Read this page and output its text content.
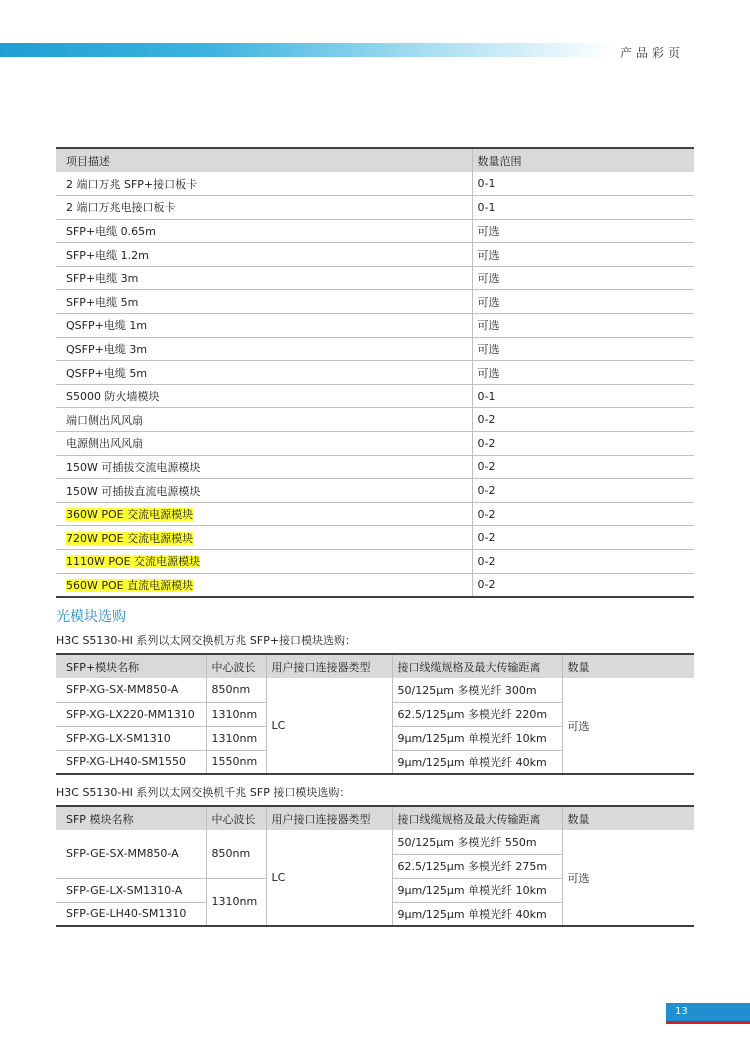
产品彩页
项目描述	数量范围
2 端口万兆 SFP+接口板卡	0-1
2 端口万兆电接口板卡	0-1
SFP+电缆 0.65m	可选
SFP+电缆 1.2m	可选
SFP+电缆 3m	可选
SFP+电缆 5m	可选
QSFP+电缆 1m	可选
QSFP+电缆 3m	可选
QSFP+电缆 5m	可选
S5000 防火墙模块	0-1
端口侧出风风扇	0-2
电源侧出风风扇	0-2
150W 可插拔交流电源模块	0-2
150W 可插拔直流电源模块	0-2
360W POE 交流电源模块	0-2
720W POE 交流电源模块	0-2
1110W POE 交流电源模块	0-2
560W POE 直流电源模块	0-2
光模块选购
H3C S5130-HI 系列以太网交换机万兆 SFP+接口模块选购：
SFP+模块名称	中心波长	用户接口连接器类型	接口线缆规格及最大传输距离	数量
SFP-XG-SX-MM850-A	850nm	LC	50/125μm 多模光纤 300m	可选
SFP-XG-LX220-MM1310	1310nm		62.5/125μm 多模光纤 220m	
SFP-XG-LX-SM1310	1310nm		9μm/125μm 单模光纤 10km	
SFP-XG-LH40-SM1550	1550nm		9μm/125μm 单模光纤 40km	
H3C S5130-HI 系列以太网交换机千兆 SFP 接口模块选购：
SFP 模块名称	中心波长	用户接口连接器类型	接口线缆规格及最大传输距离	数量
SFP-GE-SX-MM850-A	850nm	LC	50/125μm 多模光纤 550m	可选
			62.5/125μm 多模光纤 275m	
SFP-GE-LX-SM1310-A	1310nm		9μm/125μm 单模光纤 10km	
SFP-GE-LH40-SM1310			9μm/125μm 单模光纤 40km	
13
